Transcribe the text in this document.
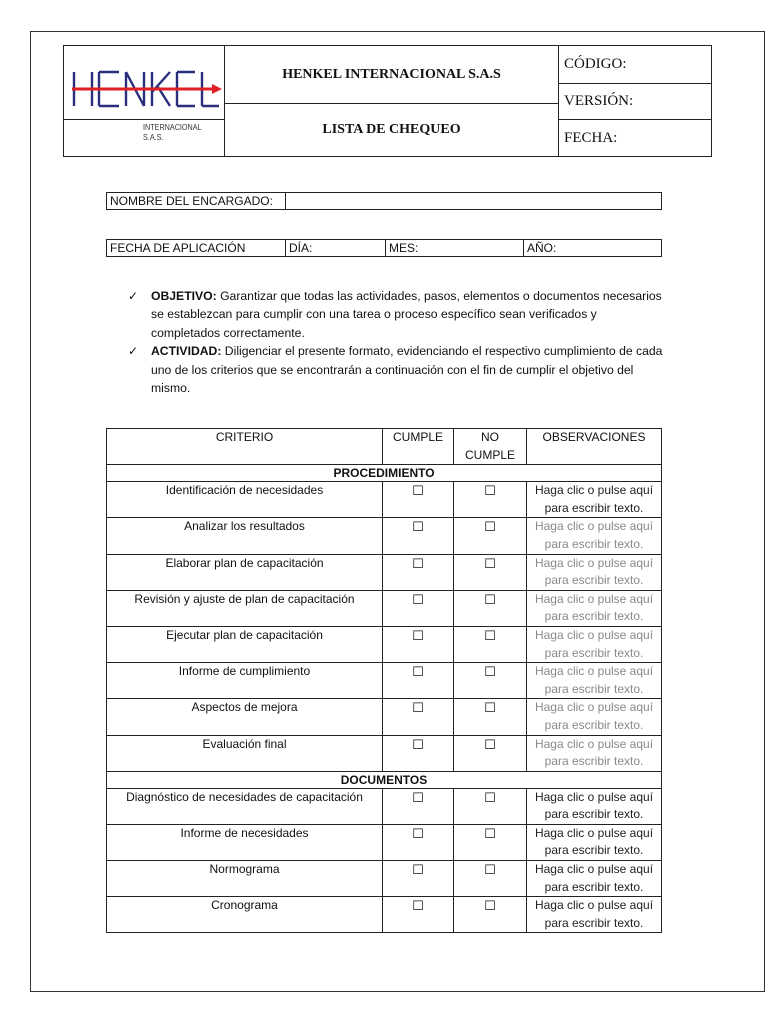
INTERNACIONAL S.A.S.	HENKEL INTERNACIONAL S.A.S	CÓDIGO:
		VERSIÓN:
	LISTA DE CHEQUEO	
		FECHA:
NOMBRE DEL ENCARGADO:	
FECHA DE APLICACIÓN	DÍA:	MES:	AÑO:
✓ OBJETIVO: Garantizar que todas las actividades, pasos, elementos o documentos necesarios se establezcan para cumplir con una tarea o proceso específico sean verificados y completados correctamente.
✓ ACTIVIDAD: Diligenciar el presente formato, evidenciando el respectivo cumplimiento de cada uno de los criterios que se encontrarán a continuación con el fin de cumplir el objetivo del mismo.
CRITERIO	CUMPLE	NO CUMPLE	OBSERVACIONES
PROCEDIMIENTO			
Identificación de necesidades	☐	☐	Haga clic o pulse aquí para escribir texto.
Analizar los resultados	☐	☐	Haga clic o pulse aquí para escribir texto.
Elaborar plan de capacitación	☐	☐	Haga clic o pulse aquí para escribir texto.
Revisión y ajuste de plan de capacitación	☐	☐	Haga clic o pulse aquí para escribir texto.
Ejecutar plan de capacitación	☐	☐	Haga clic o pulse aquí para escribir texto.
Informe de cumplimiento	☐	☐	Haga clic o pulse aquí para escribir texto.
Aspectos de mejora	☐	☐	Haga clic o pulse aquí para escribir texto.
Evaluación final	☐	☐	Haga clic o pulse aquí para escribir texto.
DOCUMENTOS			
Diagnóstico de necesidades de capacitación	☐	☐	Haga clic o pulse aquí para escribir texto.
Informe de necesidades	☐	☐	Haga clic o pulse aquí para escribir texto.
Normograma	☐	☐	Haga clic o pulse aquí para escribir texto.
Cronograma	☐	☐	Haga clic o pulse aquí para escribir texto.
